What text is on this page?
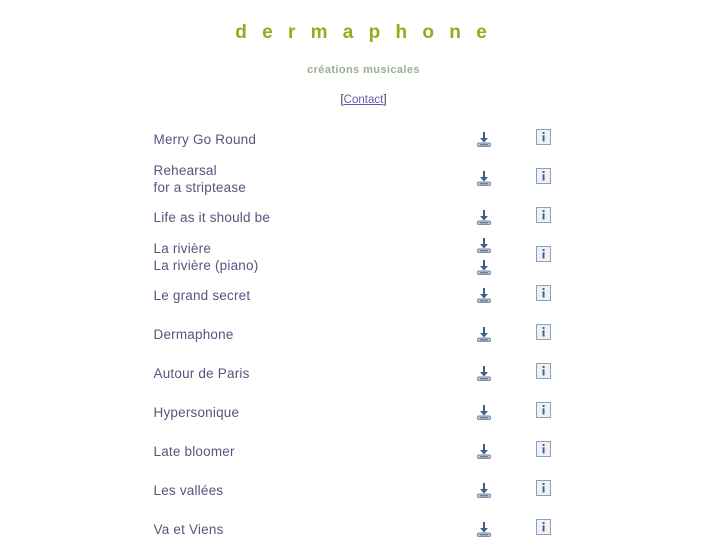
d e r m a p h o n e
créations musicales
[Contact]
Merry Go Round

Rehearsal
for a striptease

Life as it should be

La rivière
La rivière (piano)

Le grand secret

Dermaphone

Autour de Paris

Hypersonique

Late bloomer

Les vallées

Va et Viens
